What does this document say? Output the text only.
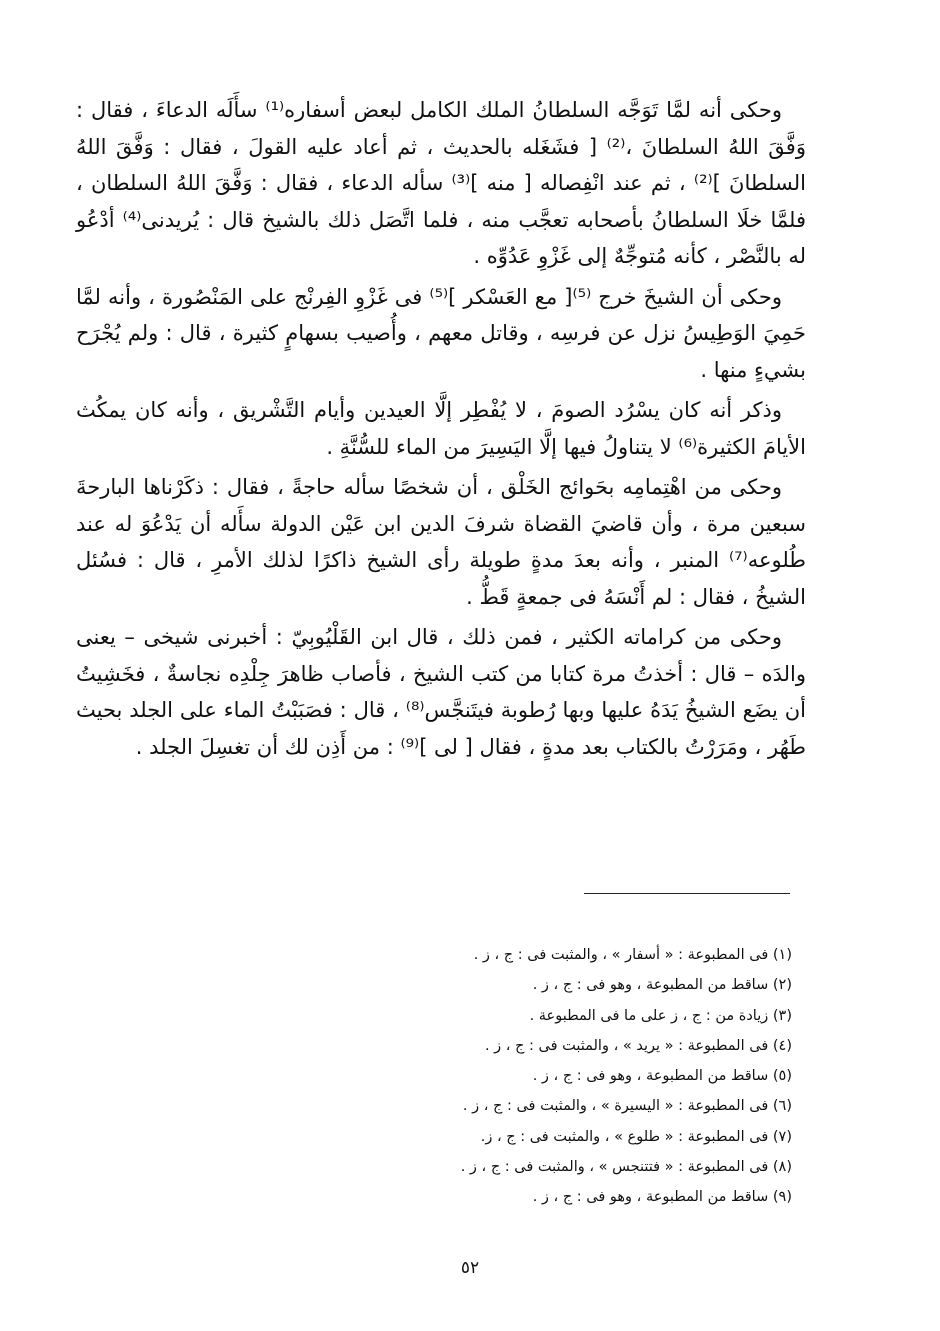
وحكى أنه لمَّا تَوَجَّه السلطانُ الملك الكامل لبعض أسفاره⁽¹⁾ سأَلَه الدعاءَ ، فقال : وَفَّقَ اللهُ السلطانَ ،⁽²⁾ [ فشَغَله بالحديث ، ثم أعاد عليه القولَ ، فقال : وَفَّقَ اللهُ السلطانَ ]⁽²⁾ ، ثم عند انْفِصاله [ منه ]⁽³⁾ سأله الدعاء ، فقال : وَفَّقَ اللهُ السلطان ، فلمَّا خلَا السلطانُ بأصحابه تعجَّب منه ، فلما اتَّصَل ذلك بالشيخ قال : يُريدنى⁽⁴⁾ أدْعُو له بالنَّصْر ، كأنه مُتوجِّهٌ إلى غَزْوِ عَدُوِّه .

وحكى أن الشيخَ خرج ⁽⁵⁾[ مع العَسْكر ]⁽⁵⁾ فى غَزْوِ الفِرنْج على المَنْصُورة ، وأنه لمَّا حَمِيَ الوَطِيسُ نزل عن فرسِه ، وقاتل معهم ، وأُصيب بسهامٍ كثيرة ، قال : ولم يُجْرَح بشيءٍ منها .

وذكر أنه كان يسْرُد الصومَ ، لا يُفْطِر إلَّا العيدين وأيام التَّشْريق ، وأنه كان يمكُث الأيامَ الكثيرة⁽⁶⁾ لا يتناولُ فيها إلَّا اليَسِيرَ من الماء للسُّنَّةِ .

وحكى من اهْتِمامِه بحَوائج الخَلْق ، أن شخصًا سأله حاجةً ، فقال : ذكَرْناها البارحةَ سبعين مرة ، وأن قاضيَ القضاة شرفَ الدين ابن عَيْن الدولة سأَله أن يَدْعُوَ له عند طُلوعه⁽⁷⁾ المنبر ، وأنه بعدَ مدةٍ طويلة رأى الشيخ ذاكرًا لذلك الأمرِ ، قال : فسُئل الشيخُ ، فقال : لم أَنْسَهُ فى جمعةٍ قَطُّ .

وحكى من كراماته الكثير ، فمن ذلك ، قال ابن القَلْيُوبِيّ : أخبرنى شيخى – يعنى والدَه – قال : أخذتُ مرة كتابا من كتب الشيخ ، فأصاب ظاهرَ جِلْدِه نجاسةٌ ، فخَشِيتُ أن يضَع الشيخُ يَدَهُ عليها وبها رُطوبة فيتَنجَّس⁽⁸⁾ ، قال : فصَبَبْتُ الماء على الجلد بحيث طَهُر ، ومَرَرْتُ بالكتاب بعد مدةٍ ، فقال [ لى ]⁽⁹⁾ : من أَذِن لك أن تغسِلَ الجلد .

(١) فى المطبوعة : « أسفار » ، والمثبت فى : ج ، ز .
(٢) ساقط من المطبوعة ، وهو فى : ج ، ز .
(٣) زيادة من : ج ، ز على ما فى المطبوعة .
(٤) فى المطبوعة : « يريد » ، والمثبت فى : ج ، ز .
(٥) ساقط من المطبوعة ، وهو فى : ج ، ز .
(٦) فى المطبوعة : « اليسيرة » ، والمثبت فى : ج ، ز .
(٧) فى المطبوعة : « طلوع » ، والمثبت فى : ج ، ز.
(٨) فى المطبوعة : « فتتنجس » ، والمثبت فى : ج ، ز .
(٩) ساقط من المطبوعة ، وهو فى : ج ، ز .
٥٢
